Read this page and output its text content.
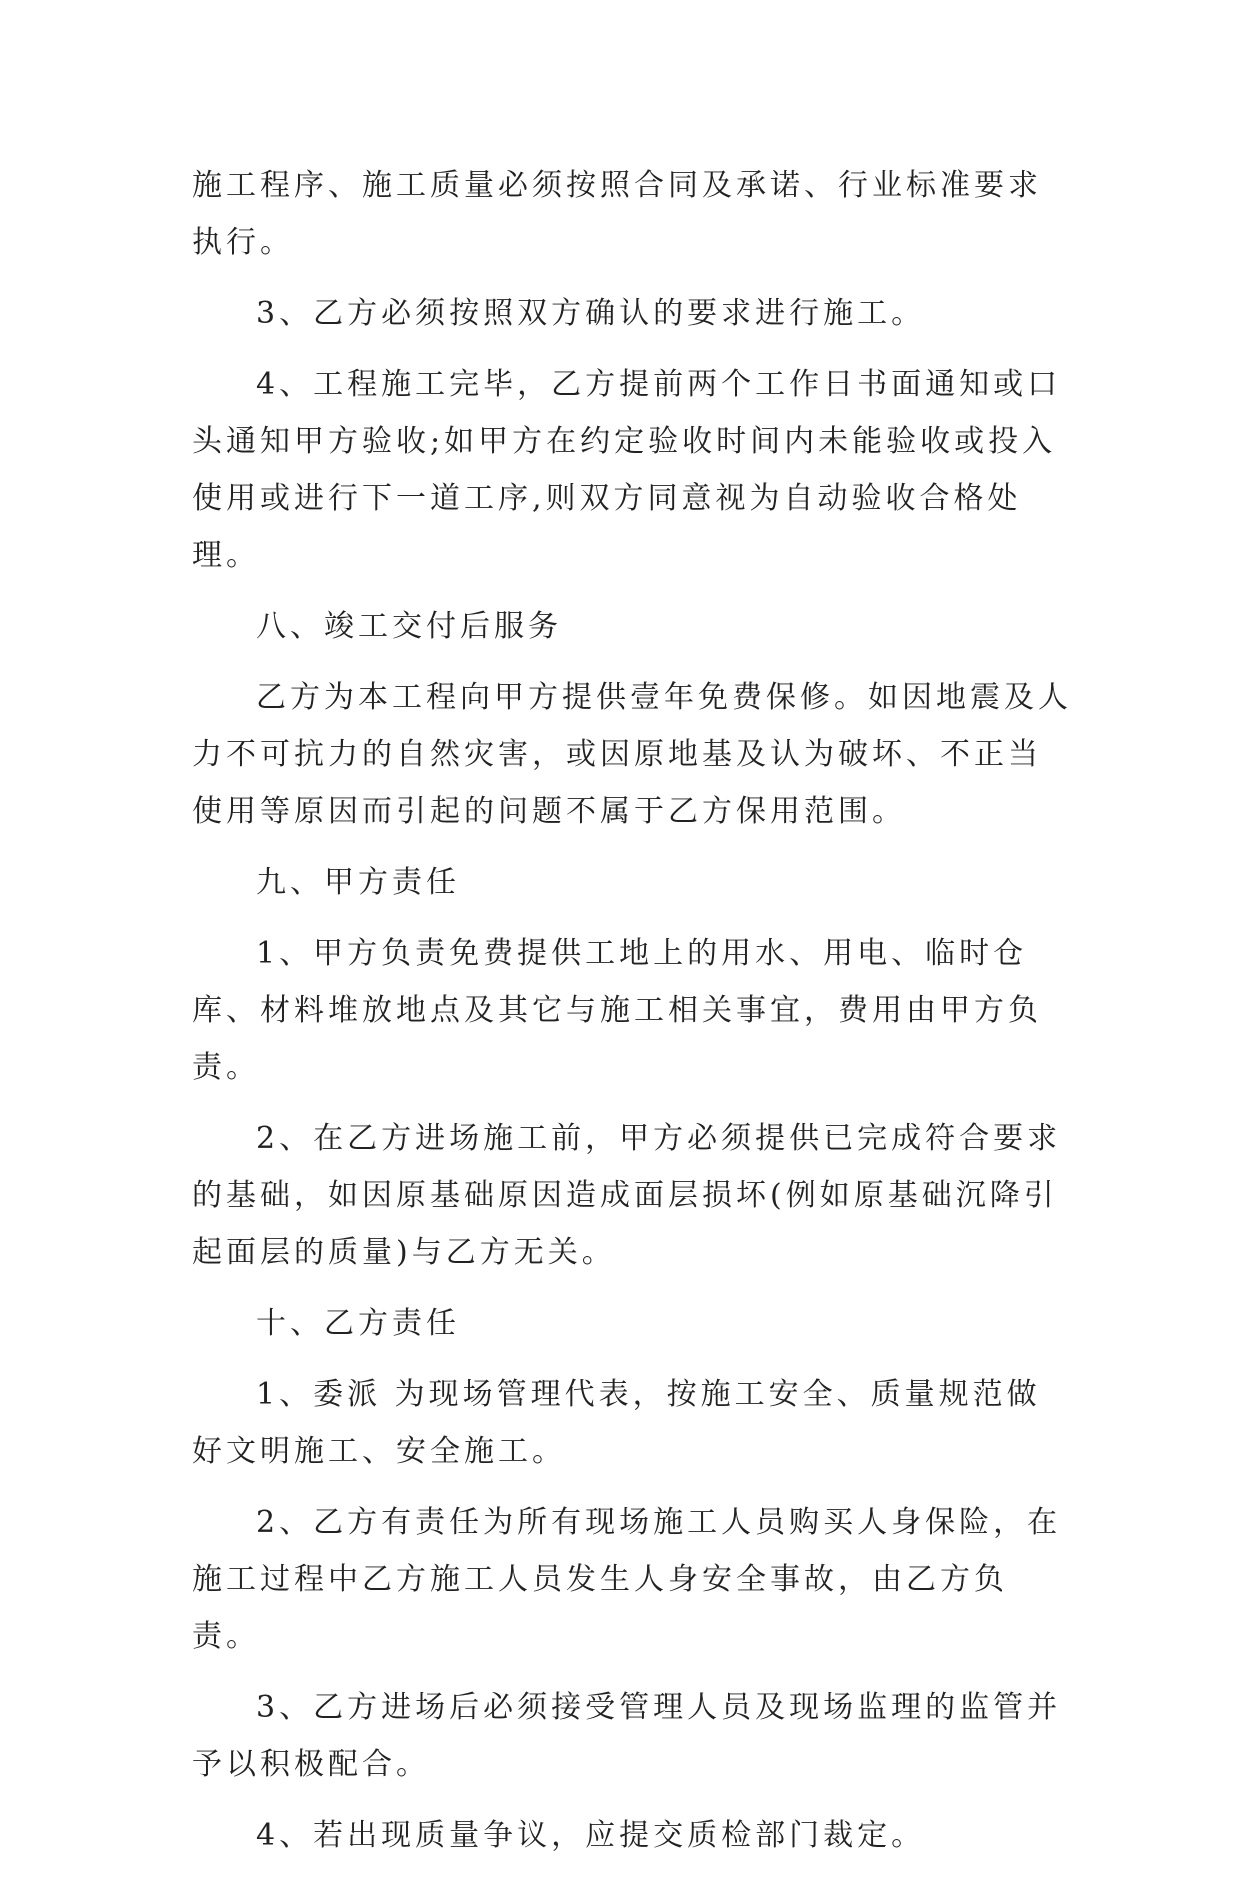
施工程序、施工质量必须按照合同及承诺、行业标准要求执行。

3、乙方必须按照双方确认的要求进行施工。

4、工程施工完毕，乙方提前两个工作日书面通知或口头通知甲方验收;如甲方在约定验收时间内未能验收或投入使用或进行下一道工序,则双方同意视为自动验收合格处理。

八、竣工交付后服务

乙方为本工程向甲方提供壹年免费保修。如因地震及人力不可抗力的自然灾害，或因原地基及认为破坏、不正当使用等原因而引起的问题不属于乙方保用范围。

九、甲方责任

1、甲方负责免费提供工地上的用水、用电、临时仓库、材料堆放地点及其它与施工相关事宜，费用由甲方负责。

2、在乙方进场施工前，甲方必须提供已完成符合要求的基础，如因原基础原因造成面层损坏(例如原基础沉降引起面层的质量)与乙方无关。

十、乙方责任

1、委派 为现场管理代表，按施工安全、质量规范做好文明施工、安全施工。

2、乙方有责任为所有现场施工人员购买人身保险，在施工过程中乙方施工人员发生人身安全事故，由乙方负责。

3、乙方进场后必须接受管理人员及现场监理的监管并予以积极配合。

4、若出现质量争议，应提交质检部门裁定。
